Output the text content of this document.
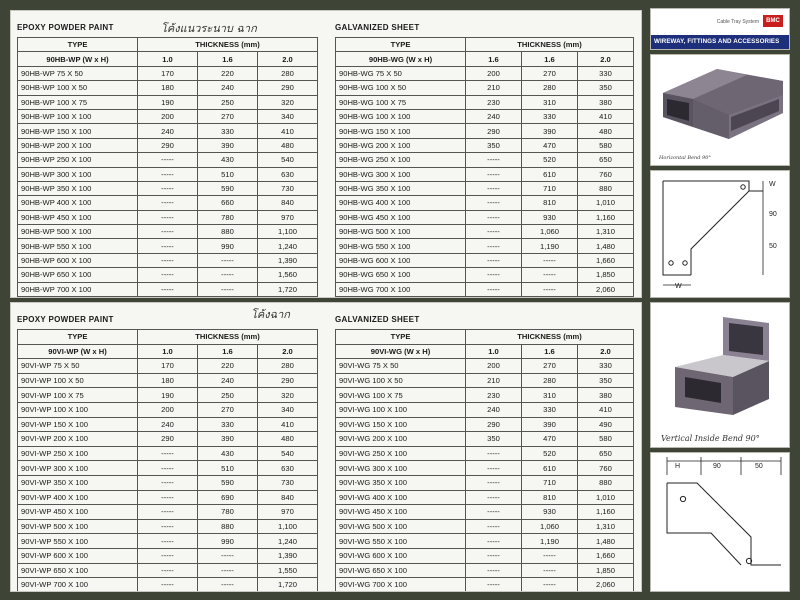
EPOXY POWDER PAINT	โค้งแนวระนาบ ฉาก
TYPE	THICKNESS (mm)		
90HB-WP (W x H)	1.0	1.6	2.0
90HB-WP 75 X 50	170	220	280
90HB-WP 100 X 50	180	240	290
90HB-WP 100 X 75	190	250	320
90HB-WP 100 X 100	200	270	340
90HB-WP 150 X 100	240	330	410
90HB-WP 200 X 100	290	390	480
90HB-WP 250 X 100	-----	430	540
90HB-WP 300 X 100	-----	510	630
90HB-WP 350 X 100	-----	590	730
90HB-WP 400 X 100	-----	660	840
90HB-WP 450 X 100	-----	780	970
90HB-WP 500 X 100	-----	880	1,100
90HB-WP 550 X 100	-----	990	1,240
90HB-WP 600 X 100	-----	-----	1,390
90HB-WP 650 X 100	-----	-----	1,560
90HB-WP 700 X 100	-----	-----	1,720
GALVANIZED SHEET
TYPE	THICKNESS (mm)		
90HB-WG (W x H)	1.6	1.6	2.0
90HB-WG 75 X 50	200	270	330
90HB-WG 100 X 50	210	280	350
90HB-WG 100 X 75	230	310	380
90HB-WG 100 X 100	240	330	410
90HB-WG 150 X 100	290	390	480
90HB-WG 200 X 100	350	470	580
90HB-WG 250 X 100	-----	520	650
90HB-WG 300 X 100	-----	610	760
90HB-WG 350 X 100	-----	710	880
90HB-WG 400 X 100	-----	810	1,010
90HB-WG 450 X 100	-----	930	1,160
90HB-WG 500 X 100	-----	1,060	1,310
90HB-WG 550 X 100	-----	1,190	1,480
90HB-WG 600 X 100	-----	-----	1,660
90HB-WG 650 X 100	-----	-----	1,850
90HB-WG 700 X 100	-----	-----	2,060
EPOXY POWDER PAINT	โค้งฉาก
TYPE	THICKNESS (mm)		
90VI-WP (W x H)	1.0	1.6	2.0
90VI-WP 75 X 50	170	220	280
90VI-WP 100 X 50	180	240	290
90VI-WP 100 X 75	190	250	320
90VI-WP 100 X 100	200	270	340
90VI-WP 150 X 100	240	330	410
90VI-WP 200 X 100	290	390	480
90VI-WP 250 X 100	-----	430	540
90VI-WP 300 X 100	-----	510	630
90VI-WP 350 X 100	-----	590	730
90VI-WP 400 X 100	-----	690	840
90VI-WP 450 X 100	-----	780	970
90VI-WP 500 X 100	-----	880	1,100
90VI-WP 550 X 100	-----	990	1,240
90VI-WP 600 X 100	-----	-----	1,390
90VI-WP 650 X 100	-----	-----	1,550
90VI-WP 700 X 100	-----	-----	1,720
GALVANIZED SHEET
TYPE	THICKNESS (mm)		
90VI-WG (W x H)	1.0	1.6	2.0
90VI-WG 75 X 50	200	270	330
90VI-WG 100 X 50	210	280	350
90VI-WG 100 X 75	230	310	380
90VI-WG 100 X 100	240	330	410
90VI-WG 150 X 100	290	390	490
90VI-WG 200 X 100	350	470	580
90VI-WG 250 X 100	-----	520	650
90VI-WG 300 X 100	-----	610	760
90VI-WG 350 X 100	-----	710	880
90VI-WG 400 X 100	-----	810	1,010
90VI-WG 450 X 100	-----	930	1,160
90VI-WG 500 X 100	-----	1,060	1,310
90VI-WG 550 X 100	-----	1,190	1,480
90VI-WG 600 X 100	-----	-----	1,660
90VI-WG 650 X 100	-----	-----	1,850
90VI-WG 700 X 100	-----	-----	2,060
Cable Tray System	BMC
WIREWAY, FITTINGS AND ACCESSORIES
Horizontal Bend 90°
W
90
50
W
Vertical Inside Bend 90°
H	90	50
